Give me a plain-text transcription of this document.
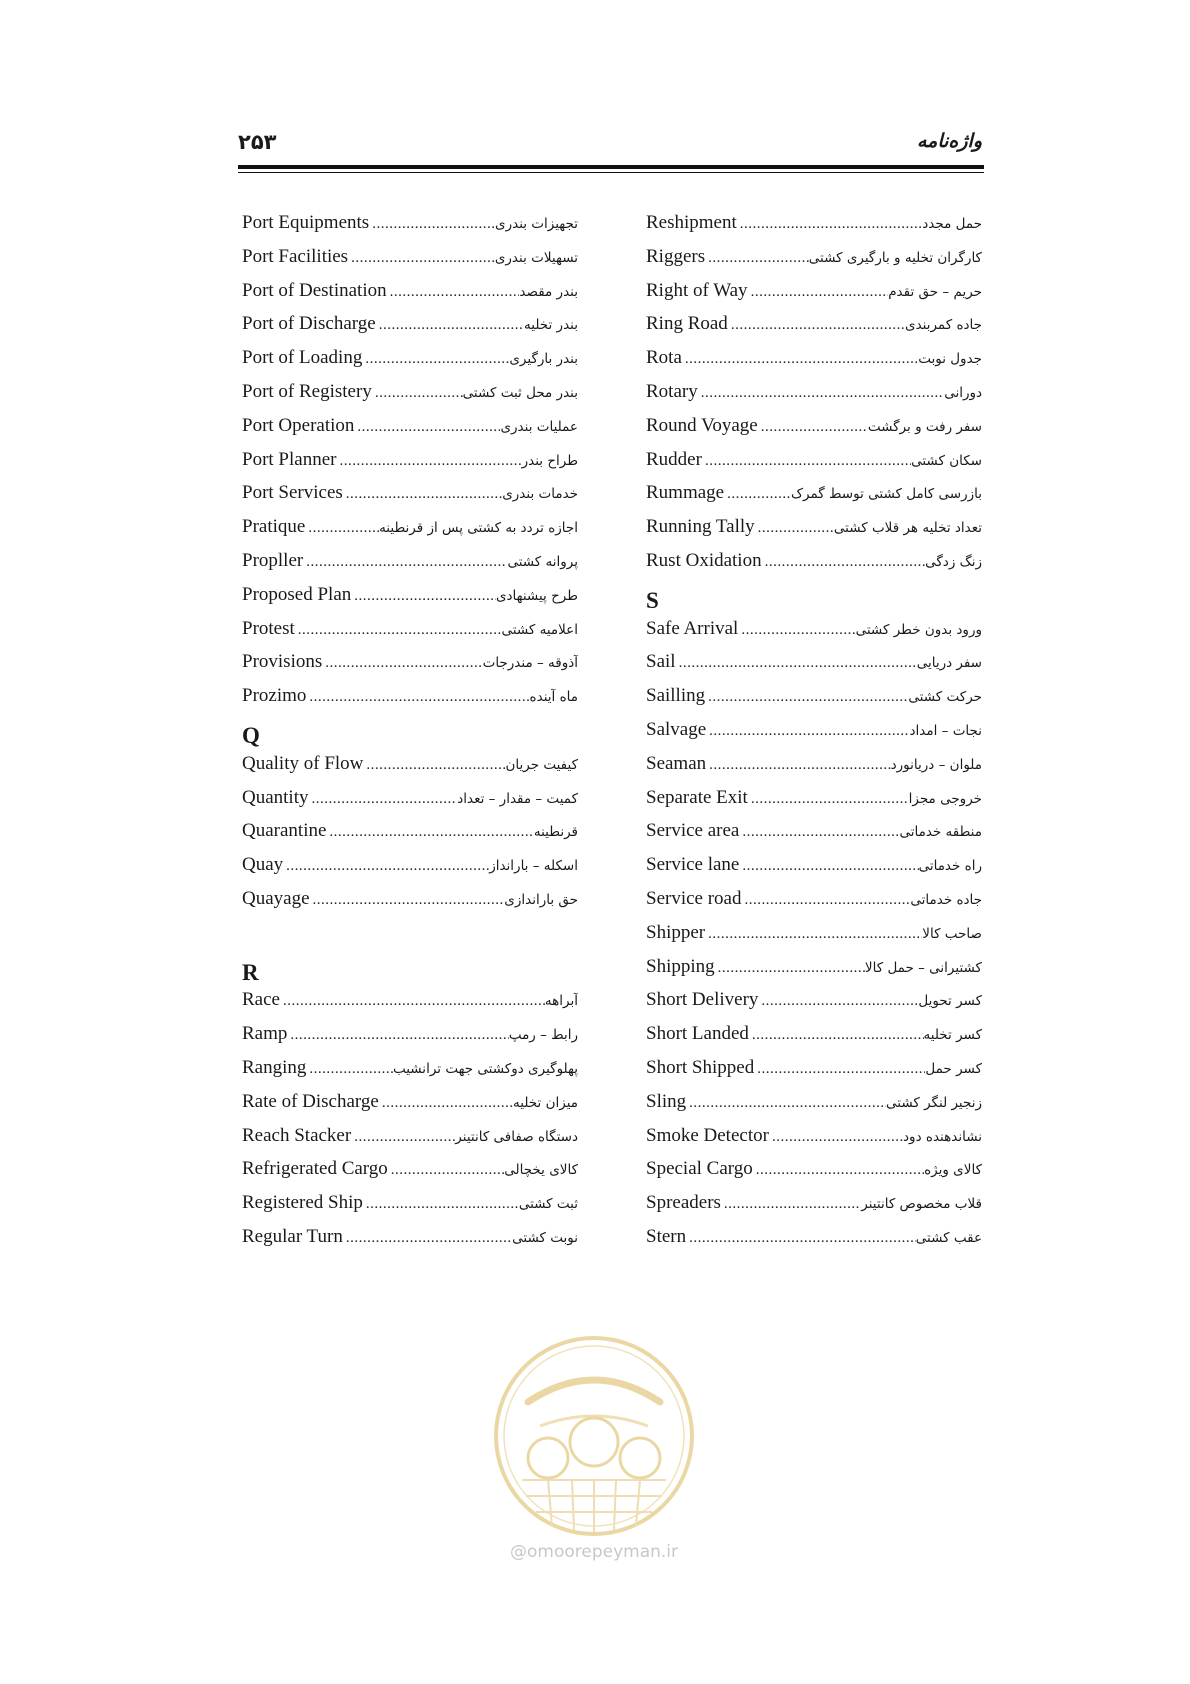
۲۵۳	واژه‌نامه
Port Equipments .....	تجهیزات بندری
Port Facilities .....	تسهیلات بندری
Port of Destination .....	بندر مقصد
Port of Discharge .....	بندر تخلیه
Port of Loading .....	بندر بارگیری
Port of Registery .....	بندر محل ثبت کشتی
Port Operation .....	عملیات بندری
Port Planner .....	طراح بندر
Port Services .....	خدمات بندری
Pratique .....	اجازه تردد به کشتی پس از قرنطینه
Propller .....	پروانه کشتی
Proposed Plan .....	طرح پیشنهادی
Protest .....	اعلامیه کشتی
Provisions .....	آذوقه – مندرجات
Prozimo .....	ماه آینده
Q
Quality of Flow .....	کیفیت جریان
Quantity .....	کمیت – مقدار – تعداد
Quarantine .....	قرنطینه
Quay .....	اسکله – بارانداز
Quayage .....	حق باراندازی
R
Race .....	آبراهه
Ramp .....	رابط – رمپ
Ranging .....	پهلوگیری دوکشتی جهت ترانشیب
Rate of Discharge .....	میزان تخلیه
Reach Stacker .....	دستگاه صفافی کانتینر
Refrigerated Cargo .....	کالای یخچالی
Registered Ship .....	ثبت کشتی
Regular Turn .....	نوبت کشتی
Reshipment .....	حمل مجدد
Riggers .....	کارگران تخلیه و بارگیری کشتی
Right of Way .....	حریم – حق تقدم
Ring Road .....	جاده کمربندی
Rota .....	جدول نوبت
Rotary .....	دورانی
Round Voyage .....	سفر رفت و برگشت
Rudder .....	سکان کشتی
Rummage .....	بازرسی کامل کشتی توسط گمرک
Running Tally .....	تعداد تخلیه هر قلاب کشتی
Rust Oxidation .....	زنگ زدگی
S
Safe Arrival .....	ورود بدون خطر کشتی
Sail .....	سفر دریایی
Sailling .....	حرکت کشتی
Salvage .....	نجات – امداد
Seaman .....	ملوان – دریانورد
Separate Exit .....	خروجی مجزا
Service area .....	منطقه خدماتی
Service lane .....	راه خدماتی
Service road .....	جاده خدماتی
Shipper .....	صاحب کالا
Shipping .....	کشتیرانی – حمل کالا
Short Delivery .....	کسر تحویل
Short Landed .....	کسر تخلیه
Short Shipped .....	کسر حمل
Sling .....	زنجیر لنگر کشتی
Smoke Detector .....	نشاندهنده دود
Special Cargo .....	کالای ویژه
Spreaders .....	قلاب مخصوص کانتینر
Stern .....	عقب کشتی
@omoorepeyman.ir
